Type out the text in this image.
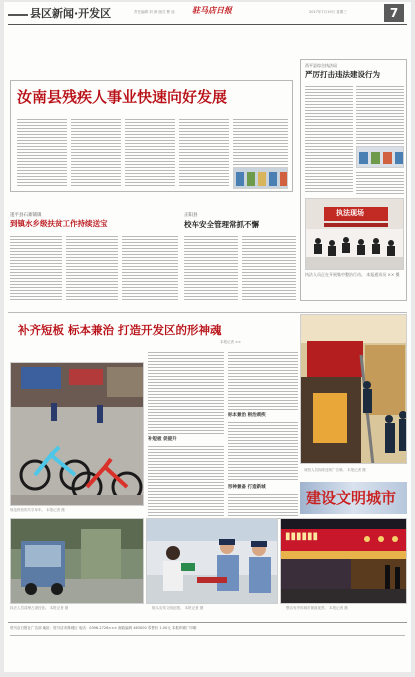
县区新闻·开发区	责任编辑 刘 涛 版式 曹 蕊 驻马店日报	2017年7月19日 星期三	7
汝南县残疾人事业快速向好发展
西平县综合执法局
严厉打击违法建设行为
执法现场
执法人员正在开展集中整治行动。 本报通讯员 ×× 摄
遂平县石寨铺镇
到镇水乡级扶贫工作持续送宝
正阳县
校车安全管理常抓不懈
补齐短板 标本兼治 打造开发区的形神魂
本报记者 ××
规范停放的共享单车。 本报记者 摄
补短板 促提升
标本兼治 根治顽疾
形神兼备 打造新城
城管人员拆除违规广告牌。 本报记者 摄
建设文明城市
执法人员清理占道经营。 本报记者 摄	街头宣传文明创建。 本报记者 摄
▮▮▮▮▮▮
整洁有序的城市街道夜景。 本报记者 摄
驻马店日报社广告部 地址：驻马店市驿城区 电话：0396-2726××× 邮政编码 463000 零售价 1.00元 本报印刷厂印刷
